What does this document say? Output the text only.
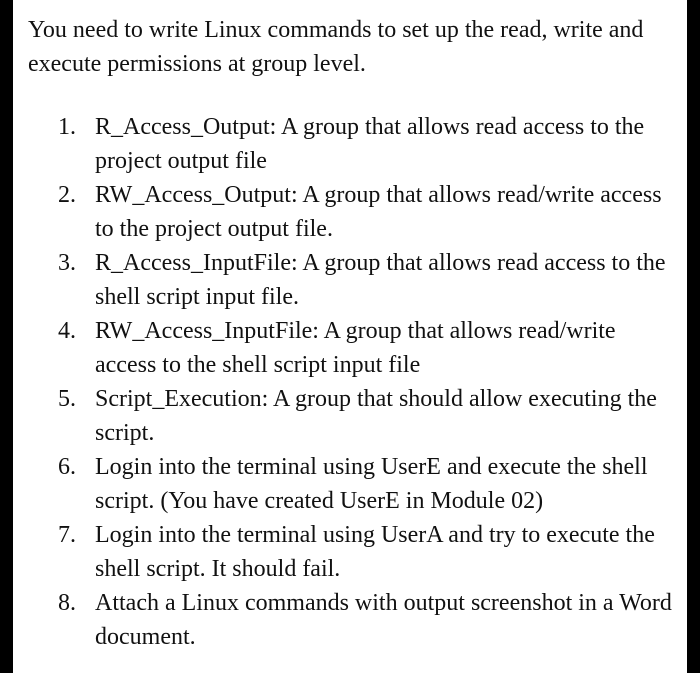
You need to write Linux commands to set up the read, write and execute permissions at group level.

1. R_Access_Output: A group that allows read access to the project output file
2. RW_Access_Output: A group that allows read/write access to the project output file.
3. R_Access_InputFile: A group that allows read access to the shell script input file.
4. RW_Access_InputFile: A group that allows read/write access to the shell script input file
5. Script_Execution: A group that should allow executing the script.
6. Login into the terminal using UserE and execute the shell script. (You have created UserE in Module 02)
7. Login into the terminal using UserA and try to execute the shell script. It should fail.
8. Attach a Linux commands with output screenshot in a Word document.
